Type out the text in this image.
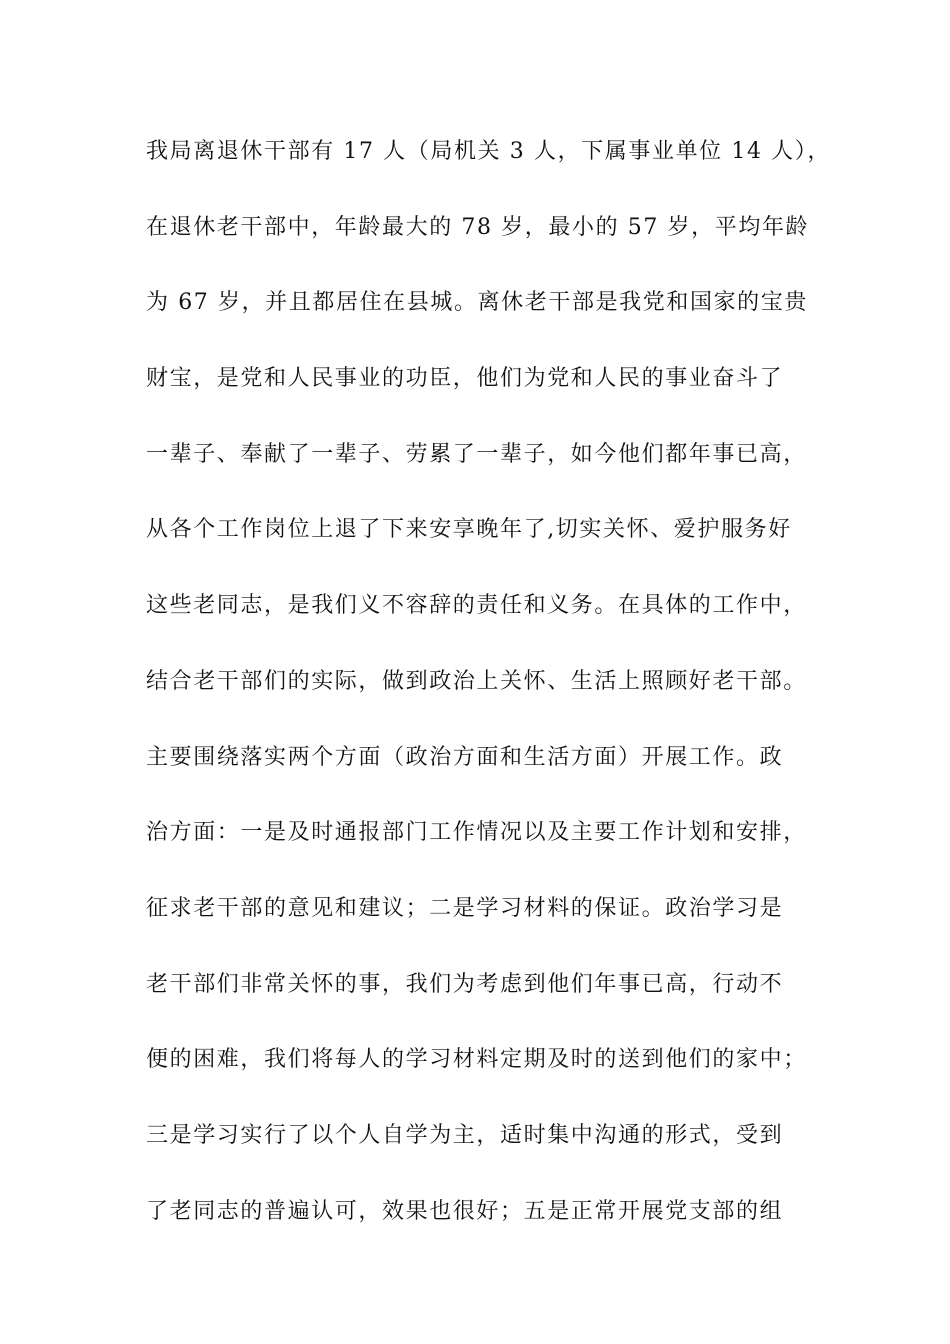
我局离退休干部有 17 人（局机关 3 人，下属事业单位 14 人），
在退休老干部中，年龄最大的 78 岁，最小的 57 岁，平均年龄
为 67 岁，并且都居住在县城。离休老干部是我党和国家的宝贵
财宝，是党和人民事业的功臣，他们为党和人民的事业奋斗了
一辈子、奉献了一辈子、劳累了一辈子，如今他们都年事已高，
从各个工作岗位上退了下来安享晚年了,切实关怀、爱护服务好
这些老同志，是我们义不容辞的责任和义务。在具体的工作中，
结合老干部们的实际，做到政治上关怀、生活上照顾好老干部。
主要围绕落实两个方面（政治方面和生活方面）开展工作。政
治方面：一是及时通报部门工作情况以及主要工作计划和安排，
征求老干部的意见和建议；二是学习材料的保证。政治学习是
老干部们非常关怀的事，我们为考虑到他们年事已高，行动不
便的困难，我们将每人的学习材料定期及时的送到他们的家中；
三是学习实行了以个人自学为主，适时集中沟通的形式，受到
了老同志的普遍认可，效果也很好；五是正常开展党支部的组
